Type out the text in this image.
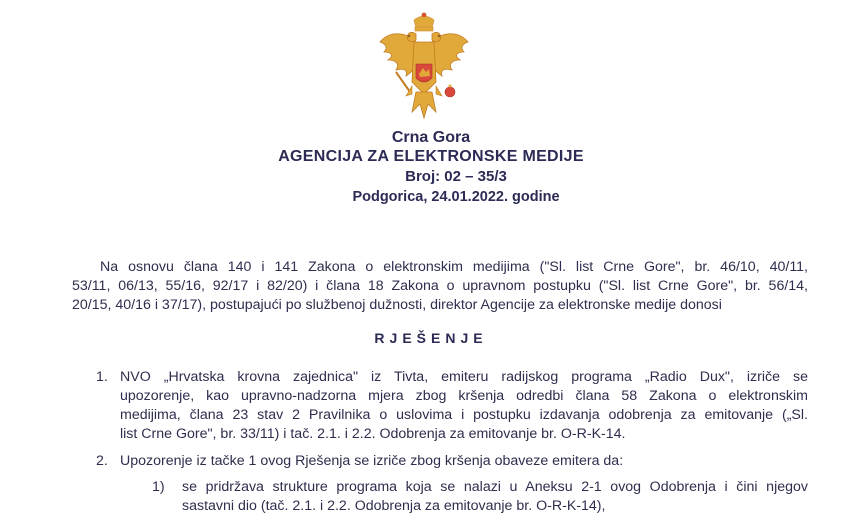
Crna Gora
AGENCIJA ZA ELEKTRONSKE MEDIJE
Broj: 02 – 35/3
Podgorica, 24.01.2022. godine
Na osnovu člana 140 i 141 Zakona o elektronskim medijima ("Sl. list Crne Gore", br. 46/10, 40/11,
53/11, 06/13, 55/16, 92/17 i 82/20) i člana 18 Zakona o upravnom postupku ("Sl. list Crne Gore", br. 56/14,
20/15, 40/16 i 37/17), postupajući po službenoj dužnosti, direktor Agencije za elektronske medije donosi
RJEŠENJE
1. NVO „Hrvatska krovna zajednica" iz Tivta, emiteru radijskog programa „Radio Dux", izriče se
upozorenje, kao upravno-nadzorna mjera zbog kršenja odredbi člana 58 Zakona o elektronskim
medijima, člana 23 stav 2 Pravilnika o uslovima i postupku izdavanja odobrenja za emitovanje („Sl.
list Crne Gore", br. 33/11) i tač. 2.1. i 2.2. Odobrenja za emitovanje br. O-R-K-14.
2. Upozorenje iz tačke 1 ovog Rješenja se izriče zbog kršenja obaveze emitera da:
1) se pridržava strukture programa koja se nalazi u Aneksu 2-1 ovog Odobrenja i čini njegov
sastavni dio (tač. 2.1. i 2.2. Odobrenja za emitovanje br. O-R-K-14),
